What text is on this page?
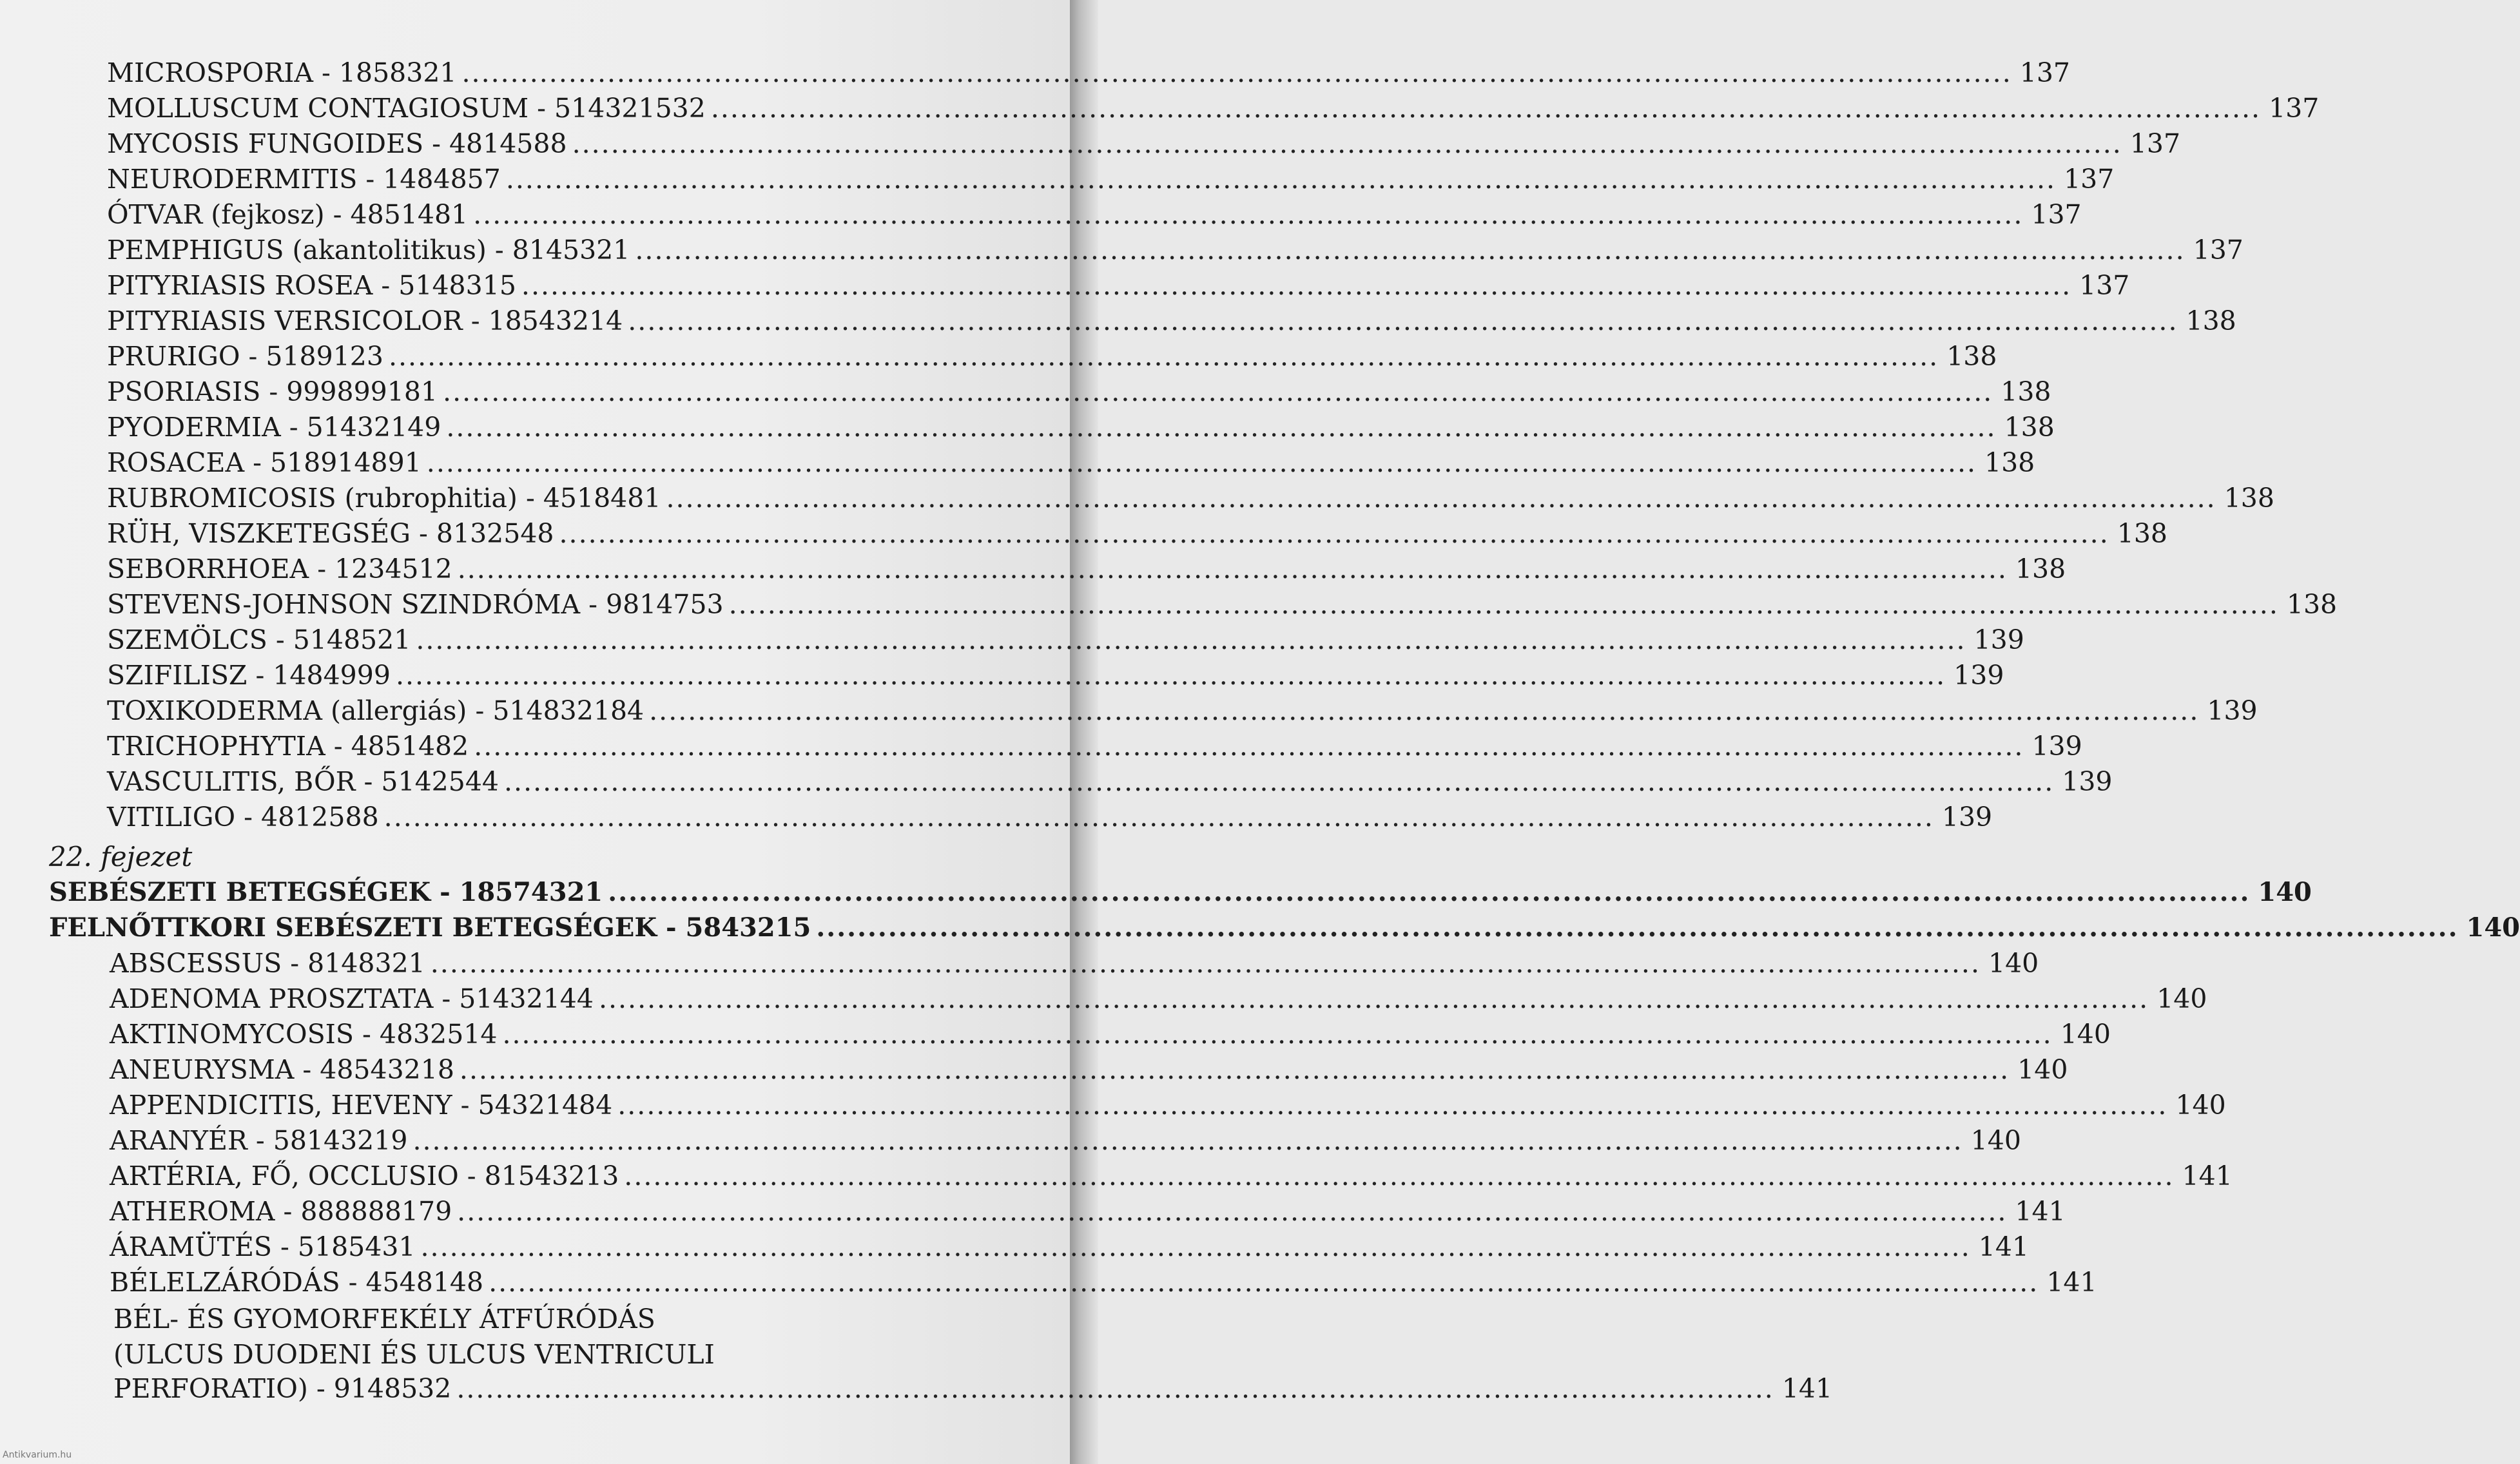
MICROSPORIA - 1858321 ................................................................................................................................................................ 137
MOLLUSCUM CONTAGIOSUM - 514321532 ................................................................................................................................................................ 137
MYCOSIS FUNGOIDES - 4814588 ................................................................................................................................................................ 137
NEURODERMITIS - 1484857 ................................................................................................................................................................ 137
ÓTVAR (fejkosz) - 4851481 ................................................................................................................................................................ 137
PEMPHIGUS (akantolitikus) - 8145321 ................................................................................................................................................................ 137
PITYRIASIS ROSEA - 5148315 ................................................................................................................................................................ 137
PITYRIASIS VERSICOLOR - 18543214 ................................................................................................................................................................ 138
PRURIGO - 5189123 ................................................................................................................................................................ 138
PSORIASIS - 999899181 ................................................................................................................................................................ 138
PYODERMIA - 51432149 ................................................................................................................................................................ 138
ROSACEA - 518914891 ................................................................................................................................................................ 138
RUBROMICOSIS (rubrophitia) - 4518481 ................................................................................................................................................................ 138
RÜH, VISZKETEGSÉG - 8132548 ................................................................................................................................................................ 138
SEBORRHOEA - 1234512 ................................................................................................................................................................ 138
STEVENS-JOHNSON SZINDRÓMA - 9814753 ................................................................................................................................................................ 138
SZEMÖLCS - 5148521 ................................................................................................................................................................ 139
SZIFILISZ - 1484999 ................................................................................................................................................................ 139
TOXIKODERMA (allergiás) - 514832184 ................................................................................................................................................................ 139
TRICHOPHYTIA - 4851482 ................................................................................................................................................................ 139
VASCULITIS, BŐR - 5142544 ................................................................................................................................................................ 139
VITILIGO - 4812588 ................................................................................................................................................................ 139
22. fejezet
SEBÉSZETI BETEGSÉGEK - 18574321 ................................................................................................................................................................ 140
FELNŐTTKORI SEBÉSZETI BETEGSÉGEK - 5843215 ................................................................................................................................................................ 140
ABSCESSUS - 8148321 ................................................................................................................................................................ 140
ADENOMA PROSZTATA - 51432144 ................................................................................................................................................................ 140
AKTINOMYCOSIS - 4832514 ................................................................................................................................................................ 140
ANEURYSMA - 48543218 ................................................................................................................................................................ 140
APPENDICITIS, HEVENY - 54321484 ................................................................................................................................................................ 140
ARANYÉR - 58143219 ................................................................................................................................................................ 140
ARTÉRIA, FŐ, OCCLUSIO - 81543213 ................................................................................................................................................................ 141
ATHEROMA - 888888179 ................................................................................................................................................................ 141
ÁRAMÜTÉS - 5185431 ................................................................................................................................................................ 141
BÉLELZÁRÓDÁS - 4548148 ................................................................................................................................................................ 141
BÉL- ÉS GYOMORFEKÉLY ÁTFÚRÓDÁS
(ULCUS DUODENI ÉS ULCUS VENTRICULI
PERFORATIO) - 9148532 ........................................................................................................................................ 141
Antikvarium.hu
